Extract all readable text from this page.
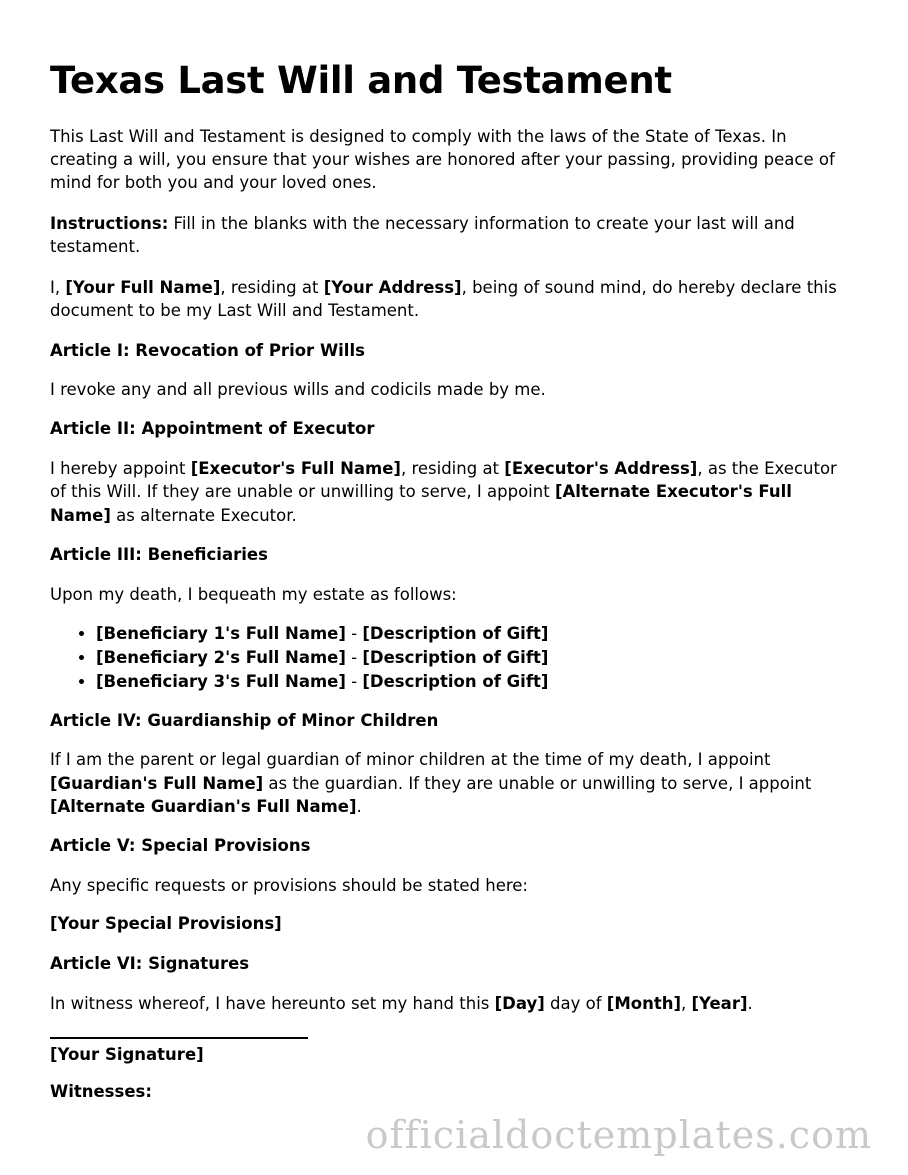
Texas Last Will and Testament

This Last Will and Testament is designed to comply with the laws of the State of Texas. In creating a will, you ensure that your wishes are honored after your passing, providing peace of mind for both you and your loved ones.

Instructions: Fill in the blanks with the necessary information to create your last will and testament.

I, [Your Full Name], residing at [Your Address], being of sound mind, do hereby declare this document to be my Last Will and Testament.

Article I: Revocation of Prior Wills

I revoke any and all previous wills and codicils made by me.

Article II: Appointment of Executor

I hereby appoint [Executor's Full Name], residing at [Executor's Address], as the Executor of this Will. If they are unable or unwilling to serve, I appoint [Alternate Executor's Full Name] as alternate Executor.

Article III: Beneficiaries

Upon my death, I bequeath my estate as follows:

• [Beneficiary 1's Full Name] - [Description of Gift]
• [Beneficiary 2's Full Name] - [Description of Gift]
• [Beneficiary 3's Full Name] - [Description of Gift]
Article IV: Guardianship of Minor Children

If I am the parent or legal guardian of minor children at the time of my death, I appoint [Guardian's Full Name] as the guardian. If they are unable or unwilling to serve, I appoint [Alternate Guardian's Full Name].

Article V: Special Provisions

Any specific requests or provisions should be stated here:

[Your Special Provisions]

Article VI: Signatures

In witness whereof, I have hereunto set my hand this [Day] day of [Month], [Year].

[Your Signature]

Witnesses:

officialdoctemplates.com
